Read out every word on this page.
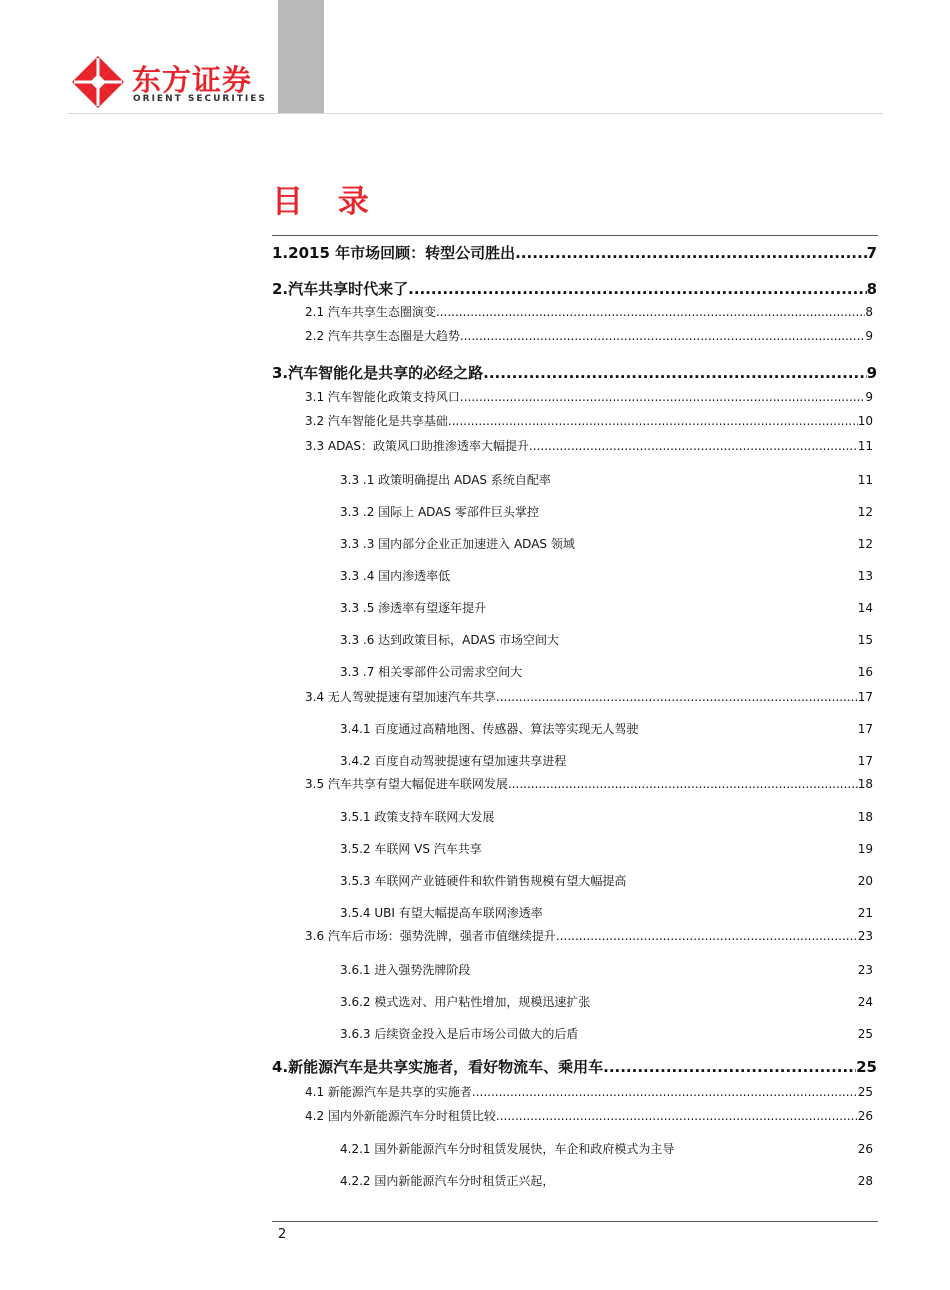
东方证券
ORIENT SECURITIES
目 录
1.2015 年市场回顾：转型公司胜出 .....	7
2.汽车共享时代来了 .....	8
2.1 汽车共享生态圈演变 .....	8
2.2 汽车共享生态圈是大趋势 .....	9
3.汽车智能化是共享的必经之路 .....	9
3.1 汽车智能化政策支持风口 .....	9
3.2 汽车智能化是共享基础 .....	10
3.3 ADAS：政策风口助推渗透率大幅提升 .....	11
3.3 .1 政策明确提出 ADAS 系统自配率	11
3.3 .2 国际上 ADAS 零部件巨头掌控	12
3.3 .3 国内部分企业正加速进入 ADAS 领域	12
3.3 .4 国内渗透率低	13
3.3 .5 渗透率有望逐年提升	14
3.3 .6 达到政策目标，ADAS 市场空间大	15
3.3 .7 相关零部件公司需求空间大	16
3.4 无人驾驶提速有望加速汽车共享 .....	17
3.4.1 百度通过高精地图、传感器、算法等实现无人驾驶	17
3.4.2 百度自动驾驶提速有望加速共享进程	17
3.5 汽车共享有望大幅促进车联网发展 .....	18
3.5.1 政策支持车联网大发展	18
3.5.2 车联网 VS 汽车共享	19
3.5.3 车联网产业链硬件和软件销售规模有望大幅提高	20
3.5.4 UBI 有望大幅提高车联网渗透率	21
3.6 汽车后市场：强势洗牌，强者市值继续提升 .....	23
3.6.1 进入强势洗牌阶段	23
3.6.2 模式选对、用户粘性增加，规模迅速扩张	24
3.6.3 后续资金投入是后市场公司做大的后盾	25
4.新能源汽车是共享实施者，看好物流车、乘用车 .....	25
4.1 新能源汽车是共享的实施者 .....	25
4.2 国内外新能源汽车分时租赁比较 .....	26
4.2.1 国外新能源汽车分时租赁发展快，车企和政府模式为主导	26
4.2.2 国内新能源汽车分时租赁正兴起，	28
2
